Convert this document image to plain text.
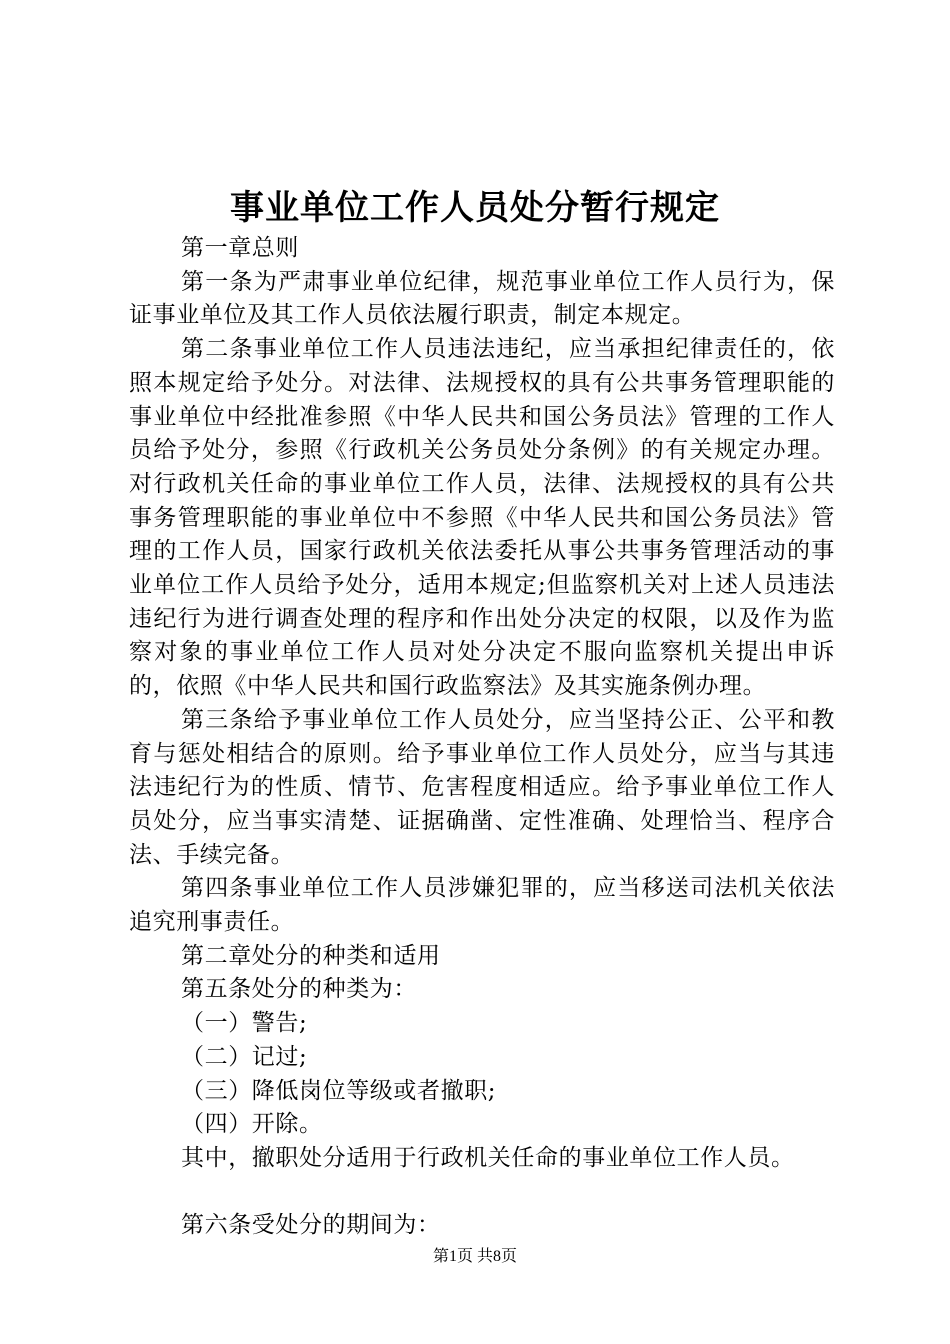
事业单位工作人员处分暂行规定

第一章总则

第一条为严肃事业单位纪律，规范事业单位工作人员行为，保证事业单位及其工作人员依法履行职责，制定本规定。

第二条事业单位工作人员违法违纪，应当承担纪律责任的，依照本规定给予处分。对法律、法规授权的具有公共事务管理职能的事业单位中经批准参照《中华人民共和国公务员法》管理的工作人员给予处分，参照《行政机关公务员处分条例》的有关规定办理。对行政机关任命的事业单位工作人员，法律、法规授权的具有公共事务管理职能的事业单位中不参照《中华人民共和国公务员法》管理的工作人员，国家行政机关依法委托从事公共事务管理活动的事业单位工作人员给予处分，适用本规定;但监察机关对上述人员违法违纪行为进行调查处理的程序和作出处分决定的权限，以及作为监察对象的事业单位工作人员对处分决定不服向监察机关提出申诉的，依照《中华人民共和国行政监察法》及其实施条例办理。

第三条给予事业单位工作人员处分，应当坚持公正、公平和教育与惩处相结合的原则。给予事业单位工作人员处分，应当与其违法违纪行为的性质、情节、危害程度相适应。给予事业单位工作人员处分，应当事实清楚、证据确凿、定性准确、处理恰当、程序合法、手续完备。

第四条事业单位工作人员涉嫌犯罪的，应当移送司法机关依法追究刑事责任。

第二章处分的种类和适用

第五条处分的种类为：

（一）警告;

（二）记过;

（三）降低岗位等级或者撤职;

（四）开除。

其中，撤职处分适用于行政机关任命的事业单位工作人员。

第六条受处分的期间为：

第1页 共8页
